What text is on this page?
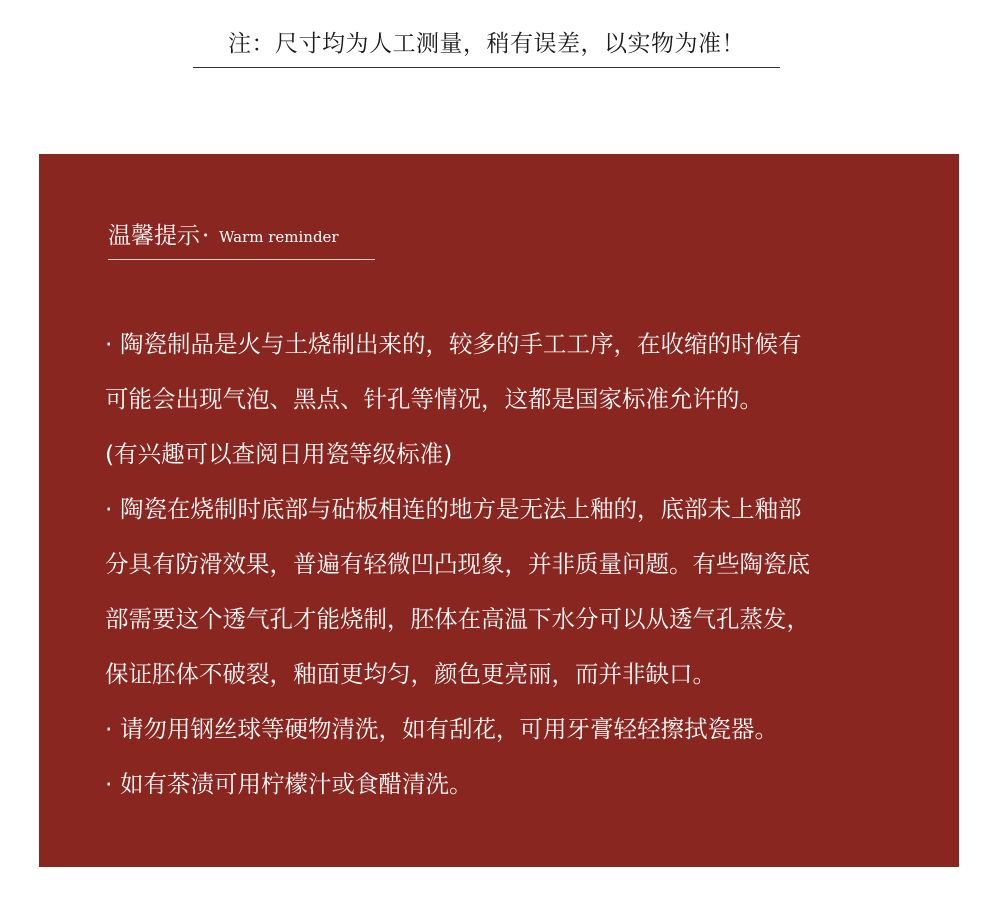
注：尺寸均为人工测量，稍有误差，以实物为准！
温馨提示 · Warm reminder
· 陶瓷制品是火与土烧制出来的，较多的手工工序，在收缩的时候有
可能会出现气泡、黑点、针孔等情况，这都是国家标准允许的。
(有兴趣可以查阅日用瓷等级标准)
· 陶瓷在烧制时底部与砧板相连的地方是无法上釉的，底部未上釉部
分具有防滑效果，普遍有轻微凹凸现象，并非质量问题。有些陶瓷底
部需要这个透气孔才能烧制，胚体在高温下水分可以从透气孔蒸发，
保证胚体不破裂，釉面更均匀，颜色更亮丽，而并非缺口。
· 请勿用钢丝球等硬物清洗，如有刮花，可用牙膏轻轻擦拭瓷器。
· 如有茶渍可用柠檬汁或食醋清洗。
